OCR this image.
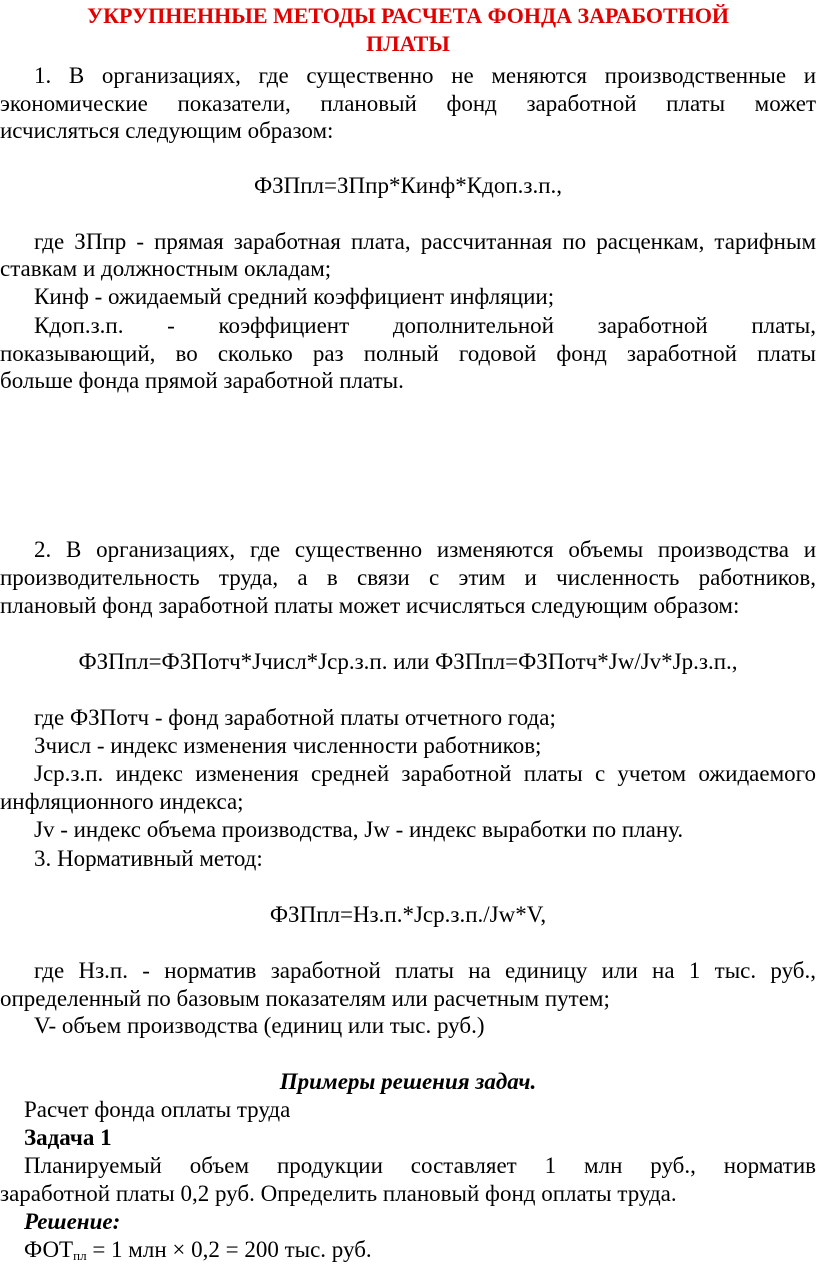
УКРУПНЕННЫЕ МЕТОДЫ РАСЧЕТА ФОНДА ЗАРАБОТНОЙ
ПЛАТЫ
1. В организациях, где существенно не меняются производственные и
экономические показатели, плановый фонд заработной платы может
исчисляться следующим образом:
ФЗПпл=ЗПпр*Кинф*Кдоп.з.п.,
где ЗПпр - прямая заработная плата, рассчитанная по расценкам, тарифным
ставкам и должностным окладам;
Кинф - ожидаемый средний коэффициент инфляции;
Кдоп.з.п. - коэффициент дополнительной заработной платы,
показывающий, во сколько раз полный годовой фонд заработной платы
больше фонда прямой заработной платы.
2. В организациях, где существенно изменяются объемы производства и
производительность труда, а в связи с этим и численность работников,
плановый фонд заработной платы может исчисляться следующим образом:
ФЗПпл=ФЗПотч*Jчисл*Jср.з.п. или ФЗПпл=ФЗПотч*Jw/Jv*Jр.з.п.,
где ФЗПотч - фонд заработной платы отчетного года;
Зчисл - индекс изменения численности работников;
Jср.з.п. индекс изменения средней заработной платы с учетом ожидаемого
инфляционного индекса;
Jv - индекс объема производства, Jw - индекс выработки по плану.
3. Нормативный метод:
ФЗПпл=Нз.п.*Jср.з.п./Jw*V,
где Нз.п. - норматив заработной платы на единицу или на 1 тыс. руб.,
определенный по базовым показателям или расчетным путем;
V- объем производства (единиц или тыс. руб.)
Примеры решения задач.
Расчет фонда оплаты труда
Задача 1
Планируемый объем продукции составляет 1 млн руб., норматив
заработной платы 0,2 руб. Определить плановый фонд оплаты труда.
Решение:
$ФОТ_{пл} = 1$ млн × 0,2 = 200 тыс. руб.
